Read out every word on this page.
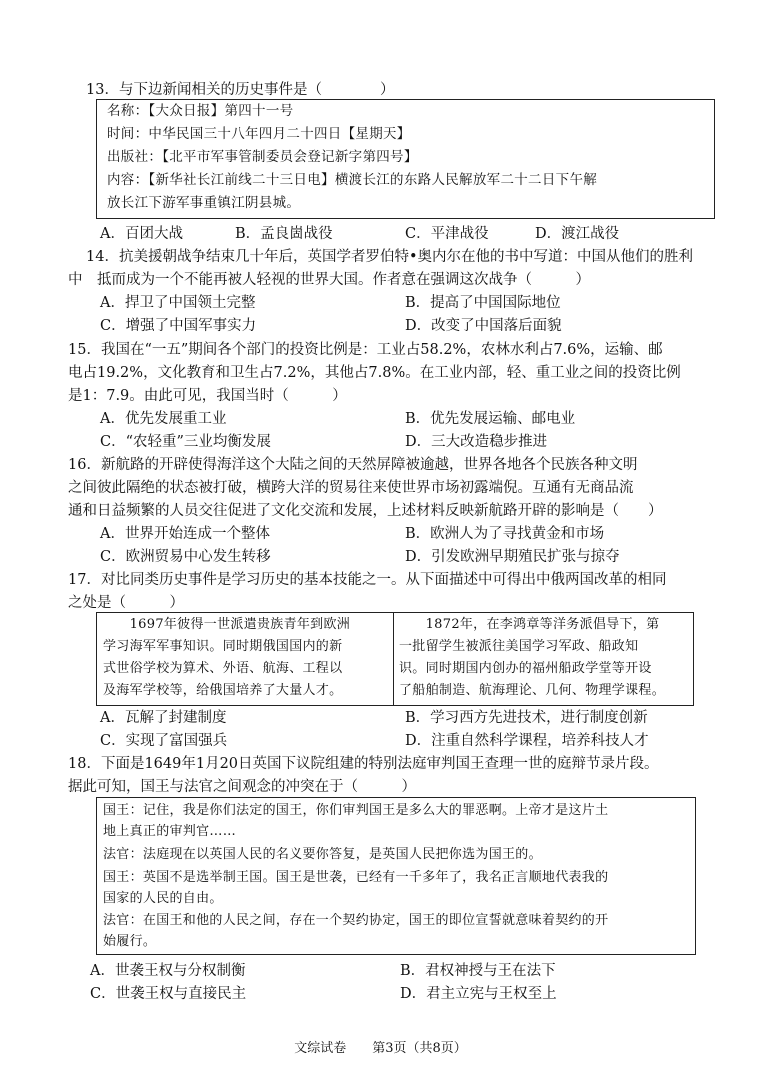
13．与下边新闻相关的历史事件是（　　　　）
名称：【大众日报】第四十一号
时间：中华民国三十八年四月二十四日【星期天】
出版社：【北平市军事管制委员会登记新字第四号】
内容：【新华社长江前线二十三日电】横渡长江的东路人民解放军二十二日下午解
放长江下游军事重镇江阴县城。
A．百团大战	B．孟良崮战役	C．平津战役	D．渡江战役
14．抗美援朝战争结束几十年后，英国学者罗伯特•奥内尔在他的书中写道：中国从他们的胜利
中　抵而成为一个不能再被人轻视的世界大国。作者意在强调这次战争（　　　）
A．捍卫了中国领土完整	B．提高了中国国际地位
C．增强了中国军事实力	D．改变了中国落后面貌
15．我国在“一五”期间各个部门的投资比例是：工业占58.2%，农林水利占7.6%，运输、邮
电占19.2%，文化教育和卫生占7.2%，其他占7.8%。在工业内部，轻、重工业之间的投资比例
是1：7.9。由此可见，我国当时（　　　）
A．优先发展重工业	B．优先发展运输、邮电业
C．“农轻重”三业均衡发展	D．三大改造稳步推进
16．新航路的开辟使得海洋这个大陆之间的天然屏障被逾越，世界各地各个民族各种文明
之间彼此隔绝的状态被打破，横跨大洋的贸易往来使世界市场初露端倪。互通有无商品流
通和日益频繁的人员交往促进了文化交流和发展，上述材料反映新航路开辟的影响是（　　）
A．世界开始连成一个整体	B．欧洲人为了寻找黄金和市场
C．欧洲贸易中心发生转移	D．引发欧洲早期殖民扩张与掠夺
17．对比同类历史事件是学习历史的基本技能之一。从下面描述中可得出中俄两国改革的相同
之处是（　　　）
　　1697年彼得一世派遣贵族青年到欧洲
学习海军军事知识。同时期俄国国内的新
式世俗学校为算术、外语、航海、工程以
及海军学校等，给俄国培养了大量人才。
　　1872年，在李鸿章等洋务派倡导下，第
一批留学生被派往美国学习军政、船政知
识。同时期国内创办的福州船政学堂等开设
了船舶制造、航海理论、几何、物理学课程。
A．瓦解了封建制度	B．学习西方先进技术，进行制度创新
C．实现了富国强兵	D．注重自然科学课程，培养科技人才
18．下面是1649年1月20日英国下议院组建的特别法庭审判国王查理一世的庭辩节录片段。
据此可知，国王与法官之间观念的冲突在于（　　　）
国王：记住，我是你们法定的国王，你们审判国王是多么大的罪恶啊。上帝才是这片土
地上真正的审判官……
法官：法庭现在以英国人民的名义要你答复，是英国人民把你选为国王的。
国王：英国不是选举制王国。国王是世袭，已经有一千多年了，我名正言顺地代表我的
国家的人民的自由。
法官：在国王和他的人民之间，存在一个契约协定，国王的即位宣誓就意味着契约的开
始履行。
A．世袭王权与分权制衡	B．君权神授与王在法下
C．世袭王权与直接民主	D．君主立宪与王权至上
文综试卷　　第3页（共8页）
